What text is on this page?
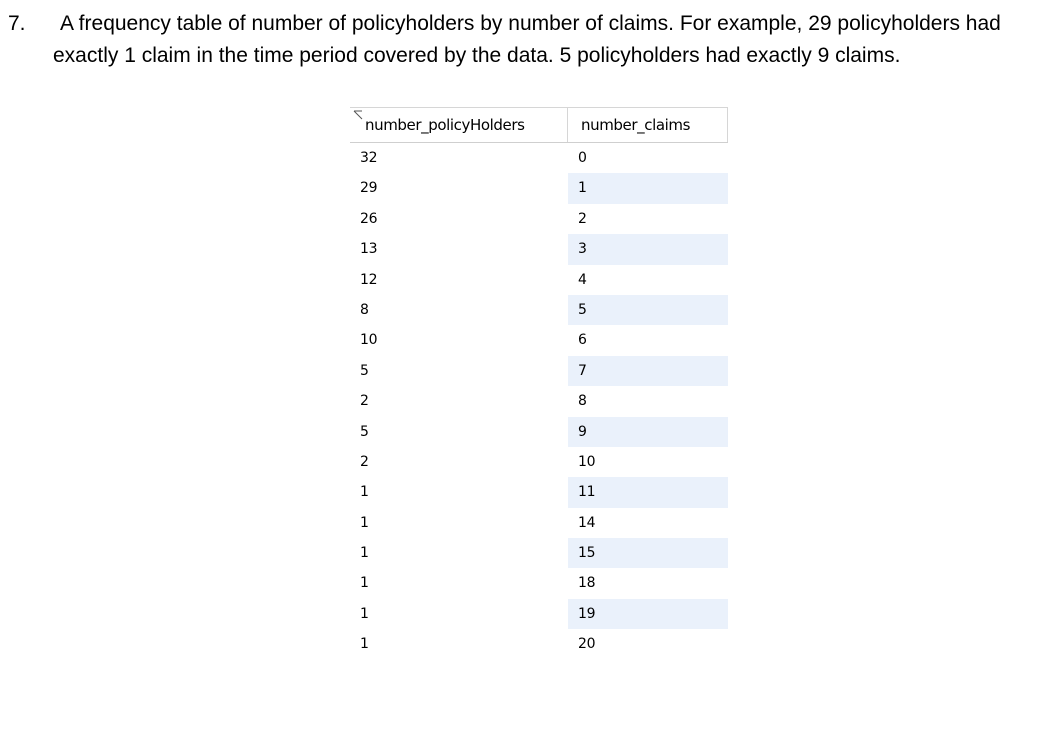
7.	A frequency table of number of policyholders by number of claims. For example, 29 policyholders had exactly 1 claim in the time period covered by the data. 5 policyholders had exactly 9 claims.
number_policyHolders	number_claims
32	0
29	1
26	2
13	3
12	4
8	5
10	6
5	7
2	8
5	9
2	10
1	11
1	14
1	15
1	18
1	19
1	20
